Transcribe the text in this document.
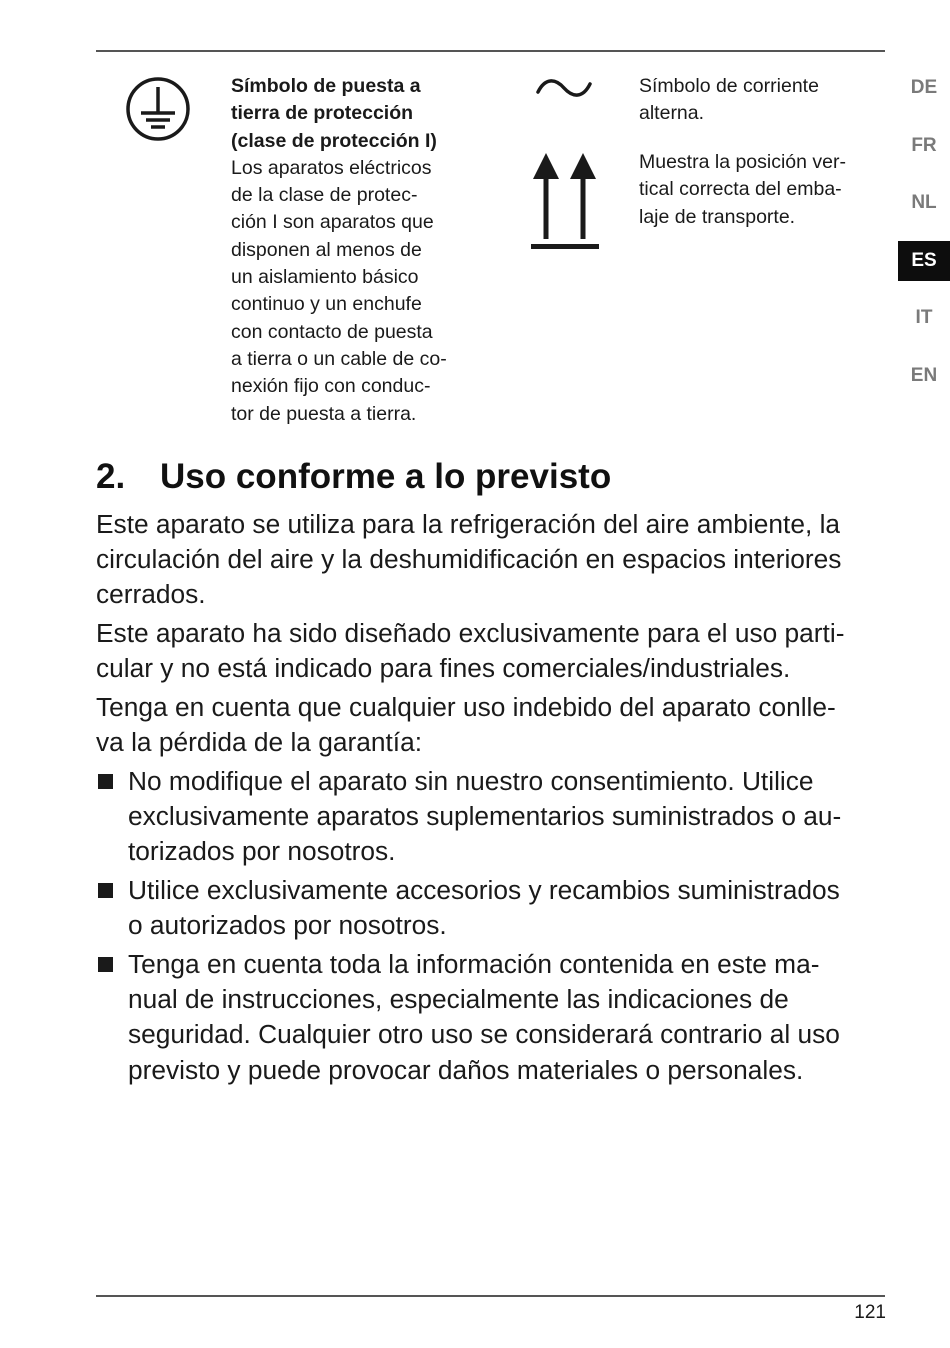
Símbolo de puesta a
tierra de protección
(clase de protección I)

Los aparatos eléctricos
de la clase de protec-
ción I son aparatos que
disponen al menos de
un aislamiento básico
continuo y un enchufe
con contacto de puesta
a tierra o un cable de co-
nexión fijo con conduc-
tor de puesta a tierra.

Símbolo de corriente
alterna.

Muestra la posición ver-
tical correcta del emba-
laje de transporte.

DE
FR
NL
ES
IT
EN
2. Uso conforme a lo previsto

Este aparato se utiliza para la refrigeración del aire ambiente, la
circulación del aire y la deshumidificación en espacios interiores
cerrados.

Este aparato ha sido diseñado exclusivamente para el uso parti-
cular y no está indicado para fines comerciales/industriales.

Tenga en cuenta que cualquier uso indebido del aparato conlle-
va la pérdida de la garantía:

No modifique el aparato sin nuestro consentimiento. Utilice
exclusivamente aparatos suplementarios suministrados o au-
torizados por nosotros.
Utilice exclusivamente accesorios y recambios suministrados
o autorizados por nosotros.
Tenga en cuenta toda la información contenida en este ma-
nual de instrucciones, especialmente las indicaciones de
seguridad. Cualquier otro uso se considerará contrario al uso
previsto y puede provocar daños materiales o personales.
121
